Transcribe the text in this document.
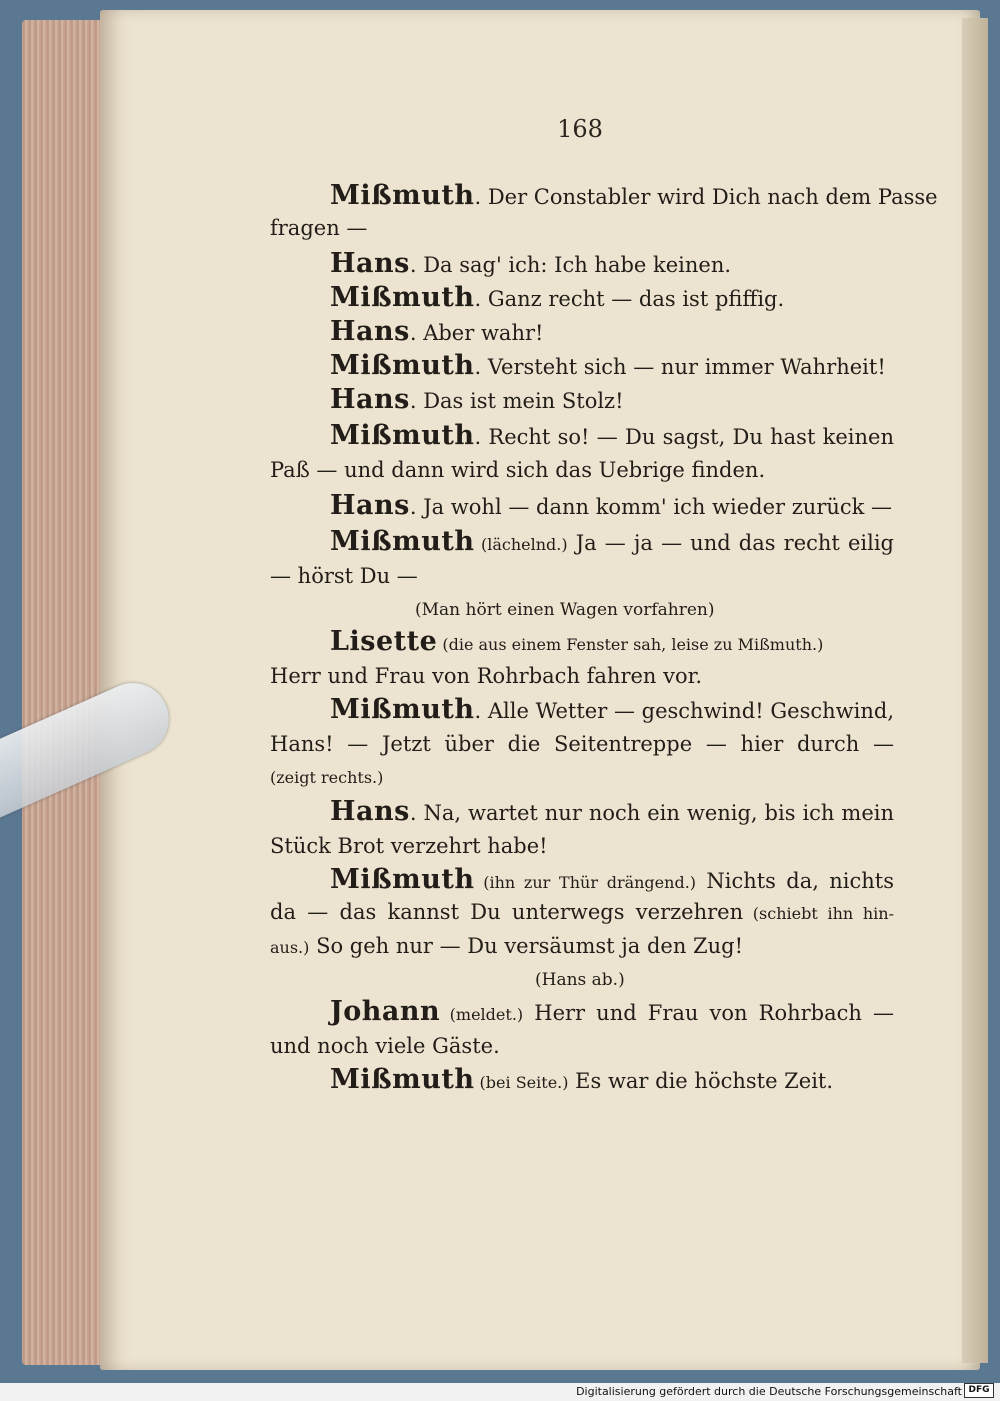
168
Mißmuth. Der Constabler wird Dich nach dem Passe
fragen —
Hans. Da sag' ich: Ich habe keinen.
Mißmuth. Ganz recht — das ist pfiffig.
Hans. Aber wahr!
Mißmuth. Versteht sich — nur immer Wahrheit!
Hans. Das ist mein Stolz!
Mißmuth. Recht so! — Du sagst, Du hast keinen
Paß — und dann wird sich das Uebrige finden.
Hans. Ja wohl — dann komm' ich wieder zurück —
Mißmuth (lächelnd.) Ja — ja — und das recht eilig
— hörst Du —
(Man hört einen Wagen vorfahren)
Lisette (die aus einem Fenster sah, leise zu Mißmuth.)
Herr und Frau von Rohrbach fahren vor.
Mißmuth. Alle Wetter — geschwind! Geschwind,
Hans! — Jetzt über die Seitentreppe — hier durch —
(zeigt rechts.)
Hans. Na, wartet nur noch ein wenig, bis ich mein
Stück Brot verzehrt habe!
Mißmuth (ihn zur Thür drängend.) Nichts da, nichts
da — das kannst Du unterwegs verzehren (schiebt ihn hin-
aus.) So geh nur — Du versäumst ja den Zug!
(Hans ab.)
Johann (meldet.) Herr und Frau von Rohrbach —
und noch viele Gäste.
Mißmuth (bei Seite.) Es war die höchste Zeit.
Digitalisierung gefördert durch die Deutsche Forschungsgemeinschaft DFG
